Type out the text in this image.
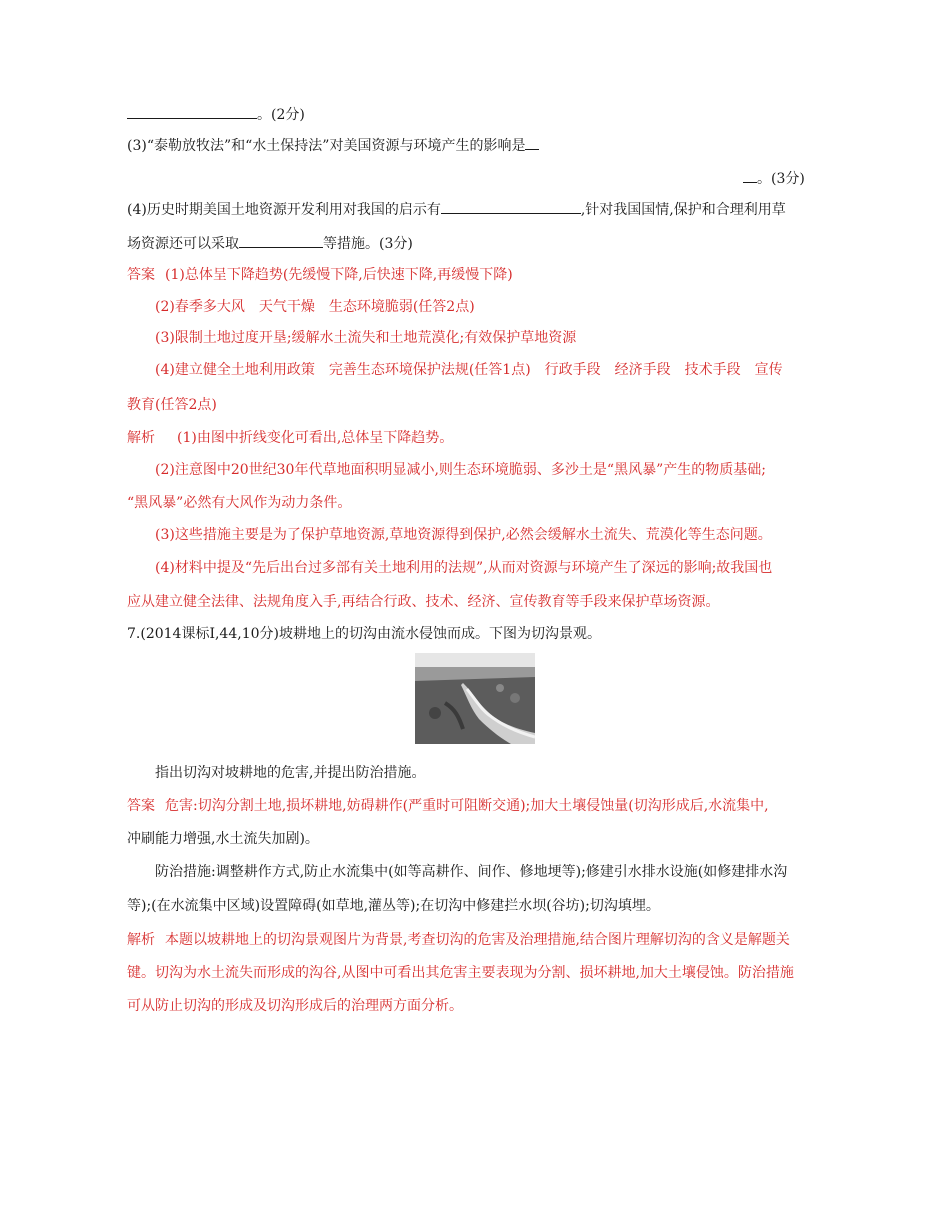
。(2分)
(3)“泰勒放牧法”和“水土保持法”对美国资源与环境产生的影响是
。(3分)
(4)历史时期美国土地资源开发利用对我国的启示有	,针对我国国情,保护和合理利用草
场资源还可以采取	等措施。(3分)
答案 (1)总体呈下降趋势(先缓慢下降,后快速下降,再缓慢下降)
(2)春季多大风　天气干燥　生态环境脆弱(任答2点)
(3)限制土地过度开垦;缓解水土流失和土地荒漠化;有效保护草地资源
(4)建立健全土地利用政策　完善生态环境保护法规(任答1点)　行政手段　经济手段　技术手段　宣传
教育(任答2点)
解析 (1)由图中折线变化可看出,总体呈下降趋势。
(2)注意图中20世纪30年代草地面积明显减小,则生态环境脆弱、多沙土是“黑风暴”产生的物质基础;
“黑风暴”必然有大风作为动力条件。
(3)这些措施主要是为了保护草地资源,草地资源得到保护,必然会缓解水土流失、荒漠化等生态问题。
(4)材料中提及“先后出台过多部有关土地利用的法规”,从而对资源与环境产生了深远的影响;故我国也
应从建立健全法律、法规角度入手,再结合行政、技术、经济、宣传教育等手段来保护草场资源。
7.(2014课标Ⅰ,44,10分)坡耕地上的切沟由流水侵蚀而成。下图为切沟景观。
指出切沟对坡耕地的危害,并提出防治措施。
答案 危害:切沟分割土地,损坏耕地,妨碍耕作(严重时可阻断交通);加大土壤侵蚀量(切沟形成后,水流集中,
冲刷能力增强,水土流失加剧)。
防治措施:调整耕作方式,防止水流集中(如等高耕作、间作、修地埂等);修建引水排水设施(如修建排水沟
等);(在水流集中区域)设置障碍(如草地,灌丛等);在切沟中修建拦水坝(谷坊);切沟填埋。
解析 本题以坡耕地上的切沟景观图片为背景,考查切沟的危害及治理措施,结合图片理解切沟的含义是解题关
键。切沟为水土流失而形成的沟谷,从图中可看出其危害主要表现为分割、损坏耕地,加大土壤侵蚀。防治措施
可从防止切沟的形成及切沟形成后的治理两方面分析。
